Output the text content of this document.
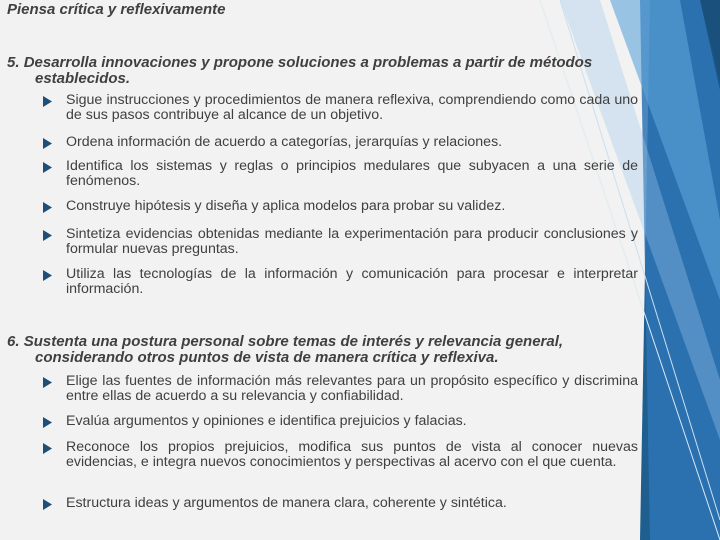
Piensa crítica y reflexivamente
5. Desarrolla innovaciones y propone soluciones a problemas a partir de métodos
establecidos.
Sigue instrucciones y procedimientos de manera reflexiva, comprendiendo como cada uno de sus pasos contribuye al alcance de un objetivo.
Ordena información de acuerdo a categorías, jerarquías y relaciones.
Identifica los sistemas y reglas o principios medulares que subyacen a una serie de fenómenos.
Construye hipótesis y diseña y aplica modelos para probar su validez.
Sintetiza evidencias obtenidas mediante la experimentación para producir conclusiones y formular nuevas preguntas.
Utiliza las tecnologías de la información y comunicación para procesar e interpretar información.
6. Sustenta una postura personal sobre temas de interés y relevancia general,
considerando otros puntos de vista de manera crítica y reflexiva.
Elige las fuentes de información más relevantes para un propósito específico y discrimina entre ellas de acuerdo a su relevancia y confiabilidad.
Evalúa argumentos y opiniones e identifica prejuicios y falacias.
Reconoce los propios prejuicios, modifica sus puntos de vista al conocer nuevas evidencias, e integra nuevos conocimientos y perspectivas al acervo con el que cuenta.
Estructura ideas y argumentos de manera clara, coherente y sintética.
